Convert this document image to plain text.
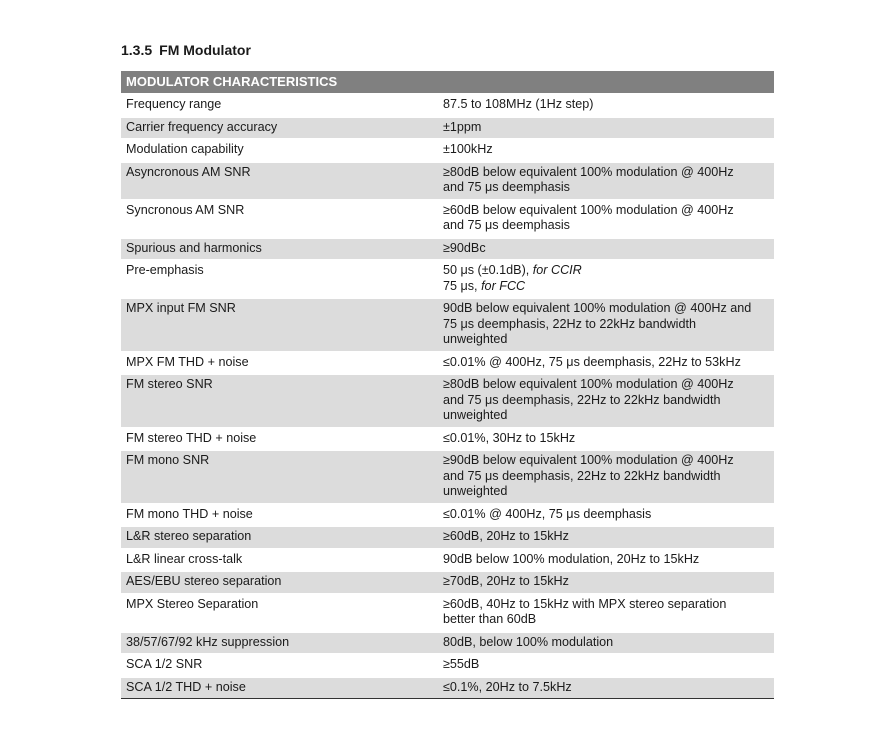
1.3.5 FM Modulator
MODULATOR CHARACTERISTICS	
Frequency range	87.5 to 108MHz (1Hz step)

Carrier frequency accuracy	±1ppm

Modulation capability	±100kHz

Asyncronous AM SNR	≥80dB below equivalent 100% modulation @ 400Hz
and 75 μs deemphasis

Syncronous AM SNR	≥60dB below equivalent 100% modulation @ 400Hz
and 75 μs deemphasis

Spurious and harmonics	≥90dBc

Pre-emphasis	50 μs (±0.1dB), for CCIR
75 μs, for FCC

MPX input FM SNR	90dB below equivalent 100% modulation @ 400Hz and
75 μs deemphasis, 22Hz to 22kHz bandwidth
unweighted

MPX FM THD + noise	≤0.01% @ 400Hz, 75 μs deemphasis, 22Hz to 53kHz

FM stereo SNR	≥80dB below equivalent 100% modulation @ 400Hz
and 75 μs deemphasis, 22Hz to 22kHz bandwidth
unweighted

FM stereo THD + noise	≤0.01%, 30Hz to 15kHz

FM mono SNR	≥90dB below equivalent 100% modulation @ 400Hz
and 75 μs deemphasis, 22Hz to 22kHz bandwidth
unweighted

FM mono THD + noise	≤0.01% @ 400Hz, 75 μs deemphasis

L&R stereo separation	≥60dB, 20Hz to 15kHz

L&R linear cross-talk	90dB below 100% modulation, 20Hz to 15kHz

AES/EBU stereo separation	≥70dB, 20Hz to 15kHz

MPX Stereo Separation	≥60dB, 40Hz to 15kHz with MPX stereo separation
better than 60dB

38/57/67/92 kHz suppression	80dB, below 100% modulation

SCA 1/2 SNR	≥55dB

SCA 1/2 THD + noise	≤0.1%, 20Hz to 7.5kHz
